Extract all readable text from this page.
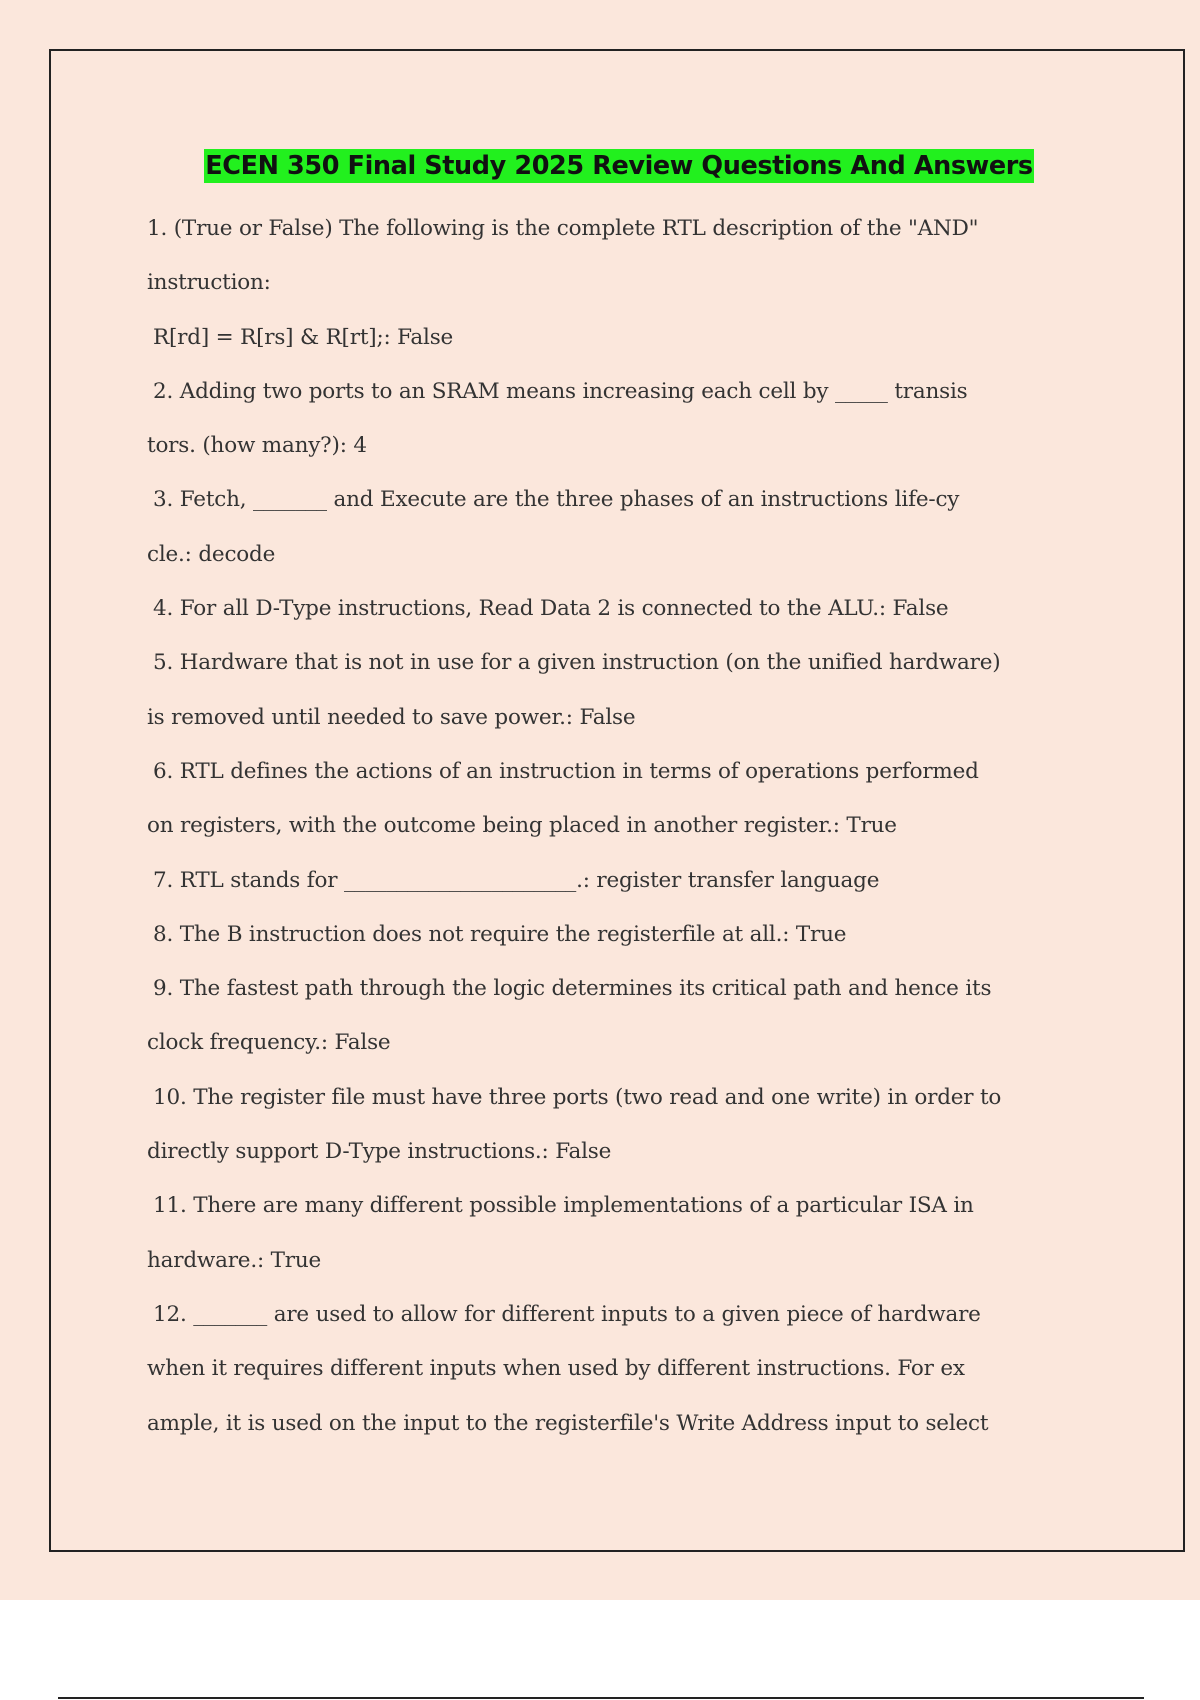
ECEN 350 Final Study 2025 Review Questions And Answers
1. (True or False) The following is the complete RTL description of the "AND"
instruction:
R[rd] = R[rs] & R[rt];: False
2. Adding two ports to an SRAM means increasing each cell by _____ transis
tors. (how many?): 4
3. Fetch, _______ and Execute are the three phases of an instructions life-cy
cle.: decode
4. For all D-Type instructions, Read Data 2 is connected to the ALU.: False
5. Hardware that is not in use for a given instruction (on the unified hardware)
is removed until needed to save power.: False
6. RTL defines the actions of an instruction in terms of operations performed
on registers, with the outcome being placed in another register.: True
7. RTL stands for ______________________.: register transfer language
8. The B instruction does not require the registerfile at all.: True
9. The fastest path through the logic determines its critical path and hence its
clock frequency.: False
10. The register file must have three ports (two read and one write) in order to
directly support D-Type instructions.: False
11. There are many different possible implementations of a particular ISA in
hardware.: True
12. _______ are used to allow for different inputs to a given piece of hardware
when it requires different inputs when used by different instructions. For ex
ample, it is used on the input to the registerfile's Write Address input to select
